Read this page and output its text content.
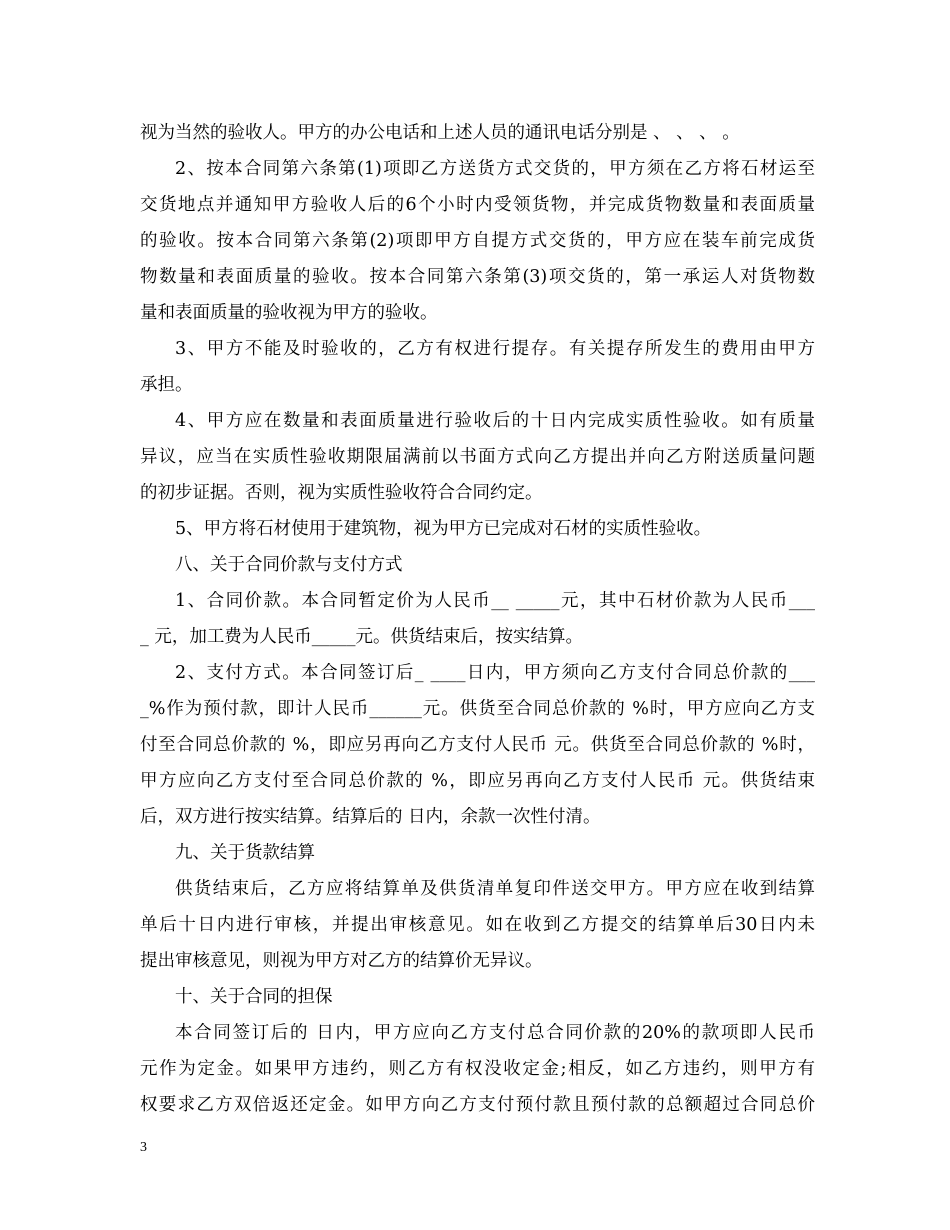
视为当然的验收人。甲方的办公电话和上述人员的通讯电话分别是 、 、 、 。
2、按本合同第六条第(1)项即乙方送货方式交货的，甲方须在乙方将石材运至
交货地点并通知甲方验收人后的6个小时内受领货物，并完成货物数量和表面质量
的验收。按本合同第六条第(2)项即甲方自提方式交货的，甲方应在装车前完成货
物数量和表面质量的验收。按本合同第六条第(3)项交货的，第一承运人对货物数
量和表面质量的验收视为甲方的验收。
3、甲方不能及时验收的，乙方有权进行提存。有关提存所发生的费用由甲方
承担。
4、甲方应在数量和表面质量进行验收后的十日内完成实质性验收。如有质量
异议，应当在实质性验收期限届满前以书面方式向乙方提出并向乙方附送质量问题
的初步证据。否则，视为实质性验收符合合同约定。
5、甲方将石材使用于建筑物，视为甲方已完成对石材的实质性验收。
八、关于合同价款与支付方式
1、合同价款。本合同暂定价为人民币__ _____元，其中石材价款为人民币___
_ 元，加工费为人民币_____元。供货结束后，按实结算。
2、支付方式。本合同签订后_ ____日内，甲方须向乙方支付合同总价款的___
_%作为预付款，即计人民币______元。供货至合同总价款的 %时，甲方应向乙方支
付至合同总价款的 %，即应另再向乙方支付人民币 元。供货至合同总价款的 %时，
甲方应向乙方支付至合同总价款的 %，即应另再向乙方支付人民币 元。供货结束
后，双方进行按实结算。结算后的 日内，余款一次性付清。
九、关于货款结算
供货结束后，乙方应将结算单及供货清单复印件送交甲方。甲方应在收到结算
单后十日内进行审核，并提出审核意见。如在收到乙方提交的结算单后30日内未
提出审核意见，则视为甲方对乙方的结算价无异议。
十、关于合同的担保
本合同签订后的 日内，甲方应向乙方支付总合同价款的20%的款项即人民币
元作为定金。如果甲方违约，则乙方有权没收定金;相反，如乙方违约，则甲方有
权要求乙方双倍返还定金。如甲方向乙方支付预付款且预付款的总额超过合同总价
3
